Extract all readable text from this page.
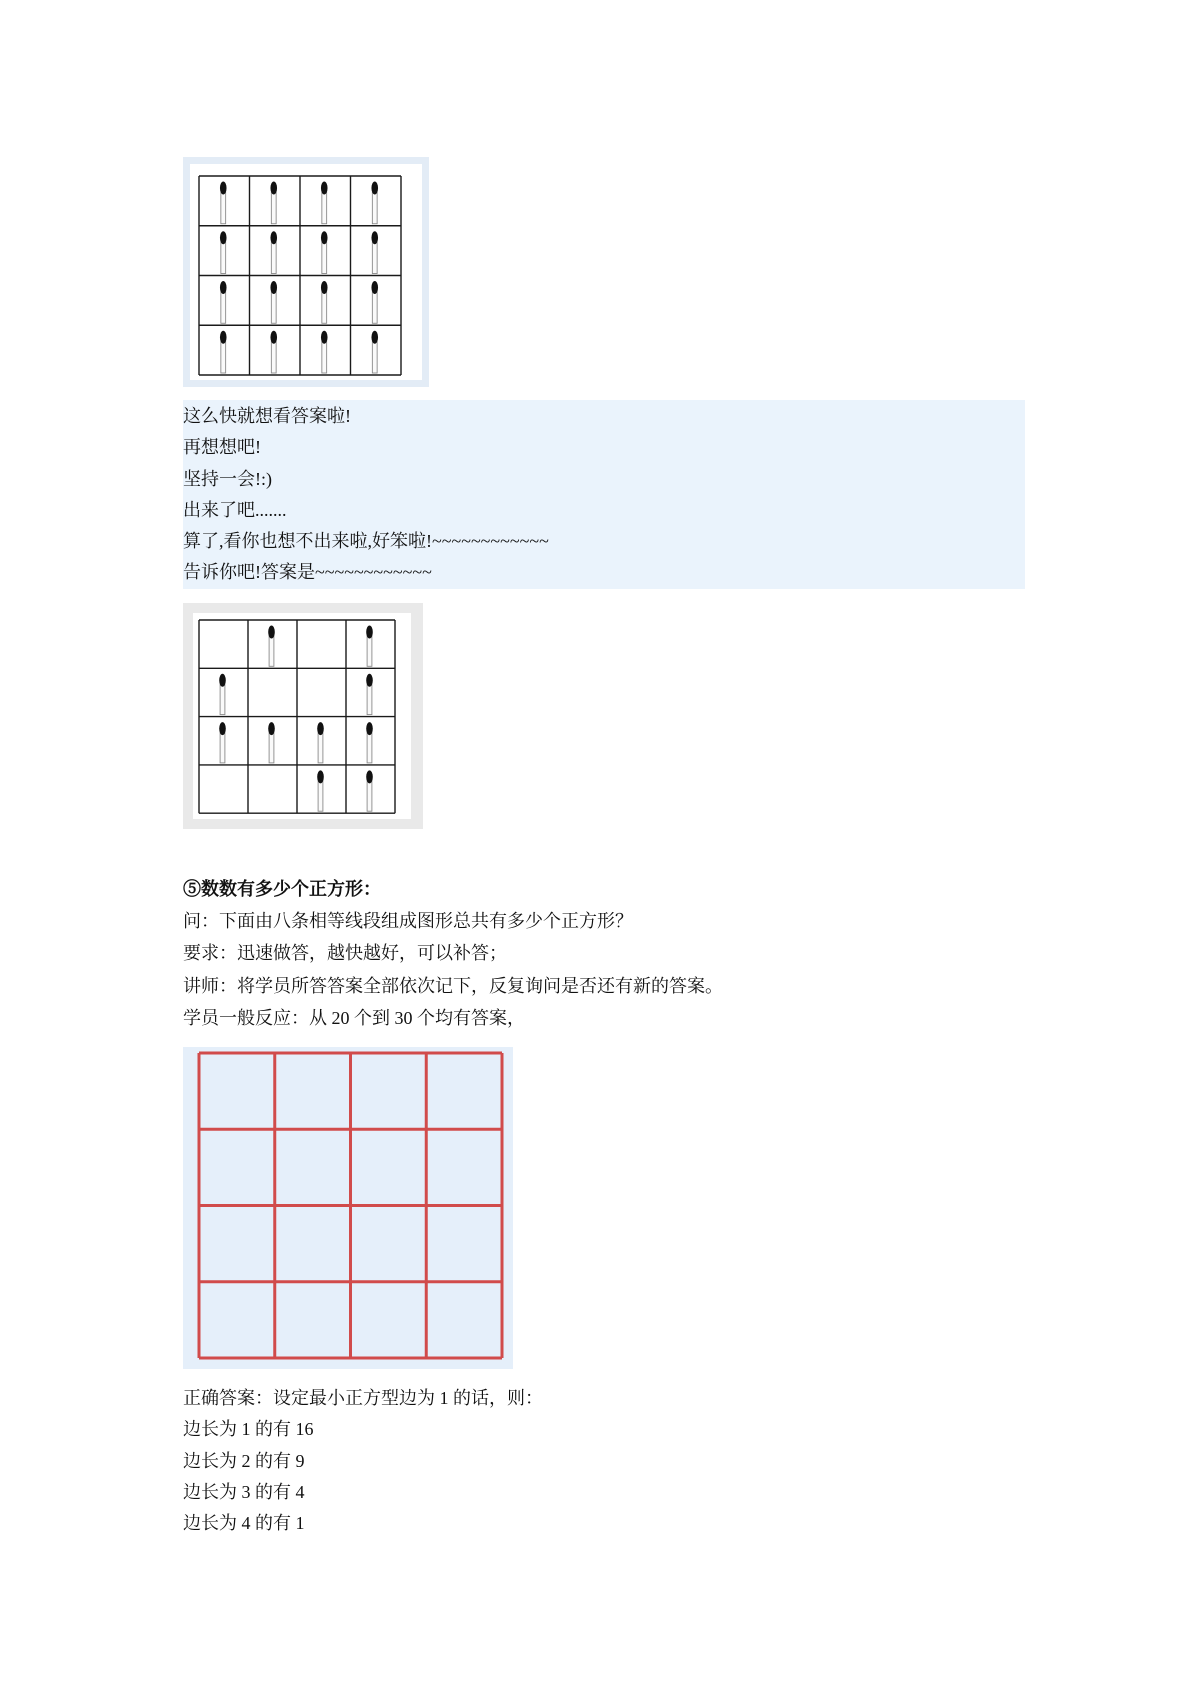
这么快就想看答案啦!
再想想吧!
坚持一会!:)
出来了吧.......
算了,看你也想不出来啦,好笨啦!~~~~~~~~~~~~
告诉你吧!答案是~~~~~~~~~~~~
⑤数数有多少个正方形：
问：下面由八条相等线段组成图形总共有多少个正方形？
要求：迅速做答，越快越好，可以补答；
讲师：将学员所答答案全部依次记下，反复询问是否还有新的答案。
学员一般反应：从 20 个到 30 个均有答案，
正确答案：设定最小正方型边为 1 的话，则：
边长为 1 的有 16
边长为 2 的有 9
边长为 3 的有 4
边长为 4 的有 1
